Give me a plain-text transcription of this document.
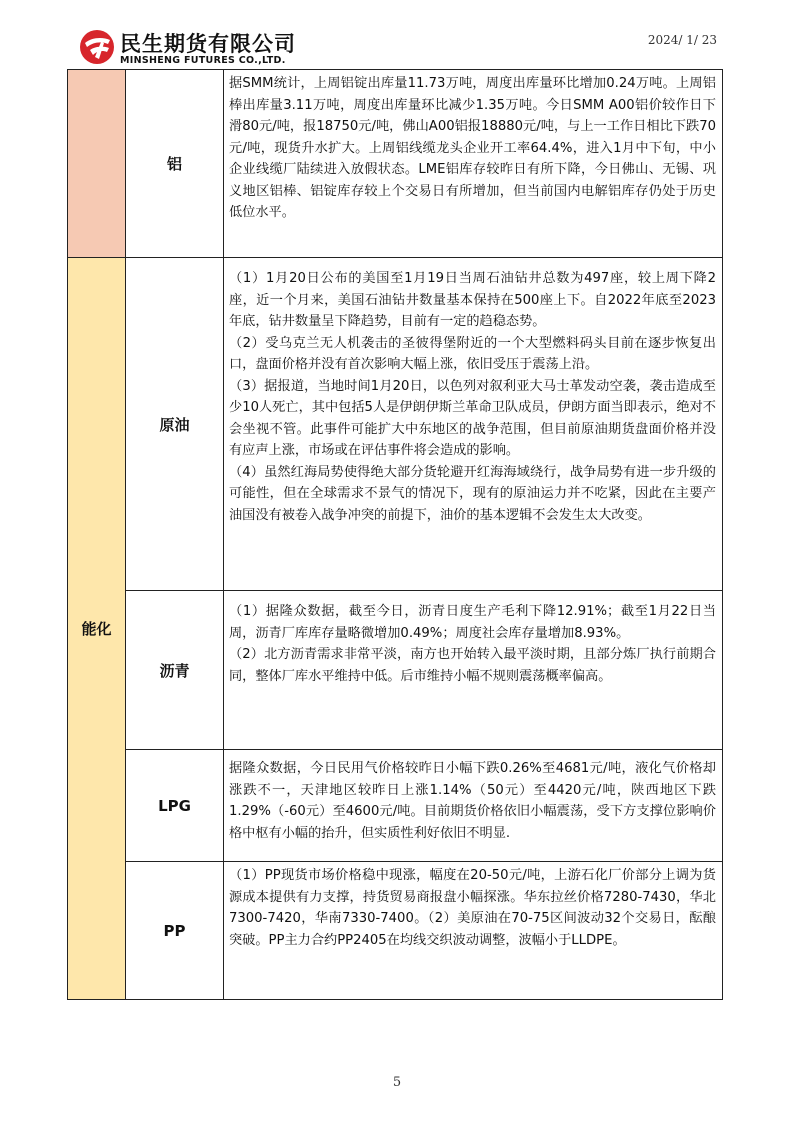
民生期货有限公司
MINSHENG FUTURES CO.,LTD.
2024/ 1/ 23
	铝	据SMM统计，上周铝锭出库量11.73万吨，周度出库量环比增加0.24万吨。上周铝棒出库量3.11万吨，周度出库量环比减少1.35万吨。今日SMM A00铝价较作日下滑80元/吨，报18750元/吨，佛山A00铝报18880元/吨，与上一工作日相比下跌70元/吨，现货升水扩大。上周铝线缆龙头企业开工率64.4%，进入1月中下旬，中小企业线缆厂陆续进入放假状态。LME铝库存较昨日有所下降，今日佛山、无锡、巩义地区铝棒、铝锭库存较上个交易日有所增加，但当前国内电解铝库存仍处于历史低位水平。

能化	原油	（1）1月20日公布的美国至1月19日当周石油钻井总数为497座，较上周下降2座，近一个月来，美国石油钻井数量基本保持在500座上下。自2022年底至2023年底，钻井数量呈下降趋势，目前有一定的趋稳态势。

（2）受乌克兰无人机袭击的圣彼得堡附近的一个大型燃料码头目前在逐步恢复出口，盘面价格并没有首次影响大幅上涨，依旧受压于震荡上沿。

（3）据报道，当地时间1月20日，以色列对叙利亚大马士革发动空袭，袭击造成至少10人死亡，其中包括5人是伊朗伊斯兰革命卫队成员，伊朗方面当即表示，绝对不会坐视不管。此事件可能扩大中东地区的战争范围，但目前原油期货盘面价格并没有应声上涨，市场或在评估事件将会造成的影响。

（4）虽然红海局势使得绝大部分货轮避开红海海域绕行，战争局势有进一步升级的可能性，但在全球需求不景气的情况下，现有的原油运力并不吃紧，因此在主要产油国没有被卷入战争冲突的前提下，油价的基本逻辑不会发生太大改变。

	沥青	（1）据隆众数据，截至今日，沥青日度生产毛利下降12.91%；截至1月22日当周，沥青厂库库存量略微增加0.49%；周度社会库存量增加8.93%。

（2）北方沥青需求非常平淡，南方也开始转入最平淡时期，且部分炼厂执行前期合同，整体厂库水平维持中低。后市维持小幅不规则震荡概率偏高。

	LPG	据隆众数据，今日民用气价格较昨日小幅下跌0.26%至4681元/吨，液化气价格却涨跌不一，天津地区较昨日上涨1.14%（50元）至4420元/吨，陕西地区下跌1.29%（-60元）至4600元/吨。目前期货价格依旧小幅震荡，受下方支撑位影响价格中枢有小幅的抬升，但实质性利好依旧不明显.

	PP	（1）PP现货市场价格稳中现涨，幅度在20-50元/吨，上游石化厂价部分上调为货源成本提供有力支撑，持货贸易商报盘小幅探涨。华东拉丝价格7280-7430，华北7300-7420，华南7330-7400。（2）美原油在70-75区间波动32个交易日，酝酿突破。PP主力合约PP2405在均线交织波动调整，波幅小于LLDPE。

5
